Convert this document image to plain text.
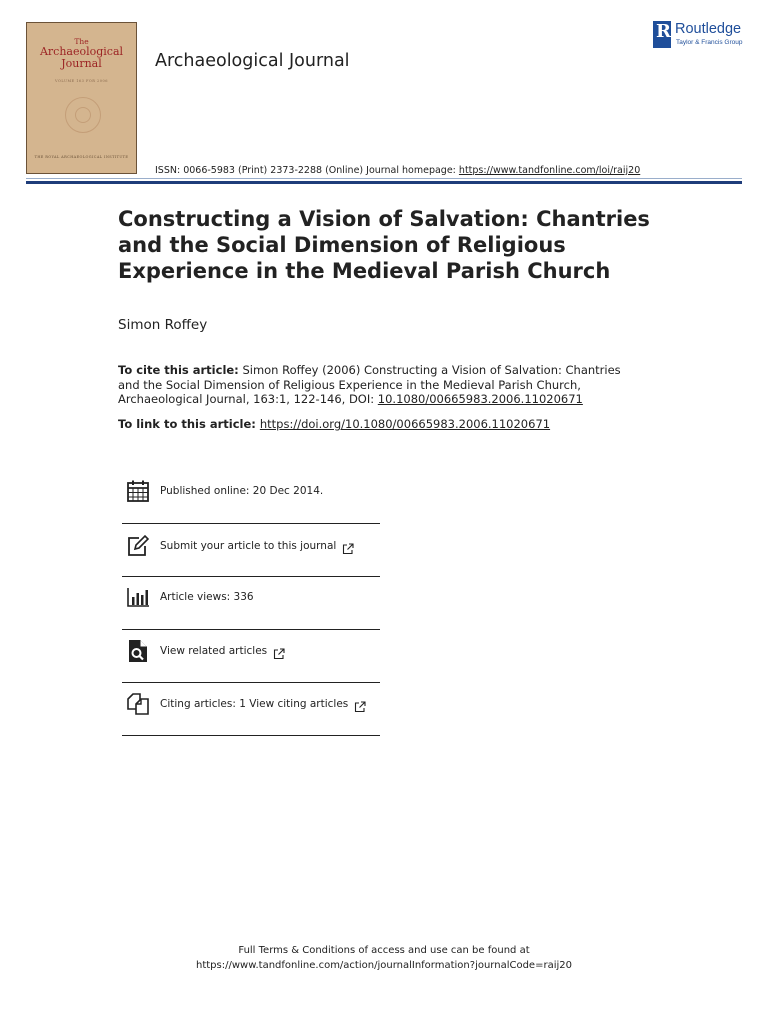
The
Archaeological Journal
VOLUME 163 FOR 2006
THE ROYAL ARCHAEOLOGICAL INSTITUTE
Archaeological Journal
R
Routledge
Taylor & Francis Group
ISSN: 0066-5983 (Print) 2373-2288 (Online) Journal homepage: https://www.tandfonline.com/loi/raij20
Constructing a Vision of Salvation: Chantries and the Social Dimension of Religious Experience in the Medieval Parish Church
Simon Roffey
To cite this article: Simon Roffey (2006) Constructing a Vision of Salvation: Chantries and the Social Dimension of Religious Experience in the Medieval Parish Church, Archaeological Journal, 163:1, 122-146, DOI: 10.1080/00665983.2006.11020671
To link to this article: https://doi.org/10.1080/00665983.2006.11020671
Published online: 20 Dec 2014.
Submit your article to this journal
Article views: 336
View related articles
Citing articles: 1 View citing articles
Full Terms & Conditions of access and use can be found at
https://www.tandfonline.com/action/journalInformation?journalCode=raij20
